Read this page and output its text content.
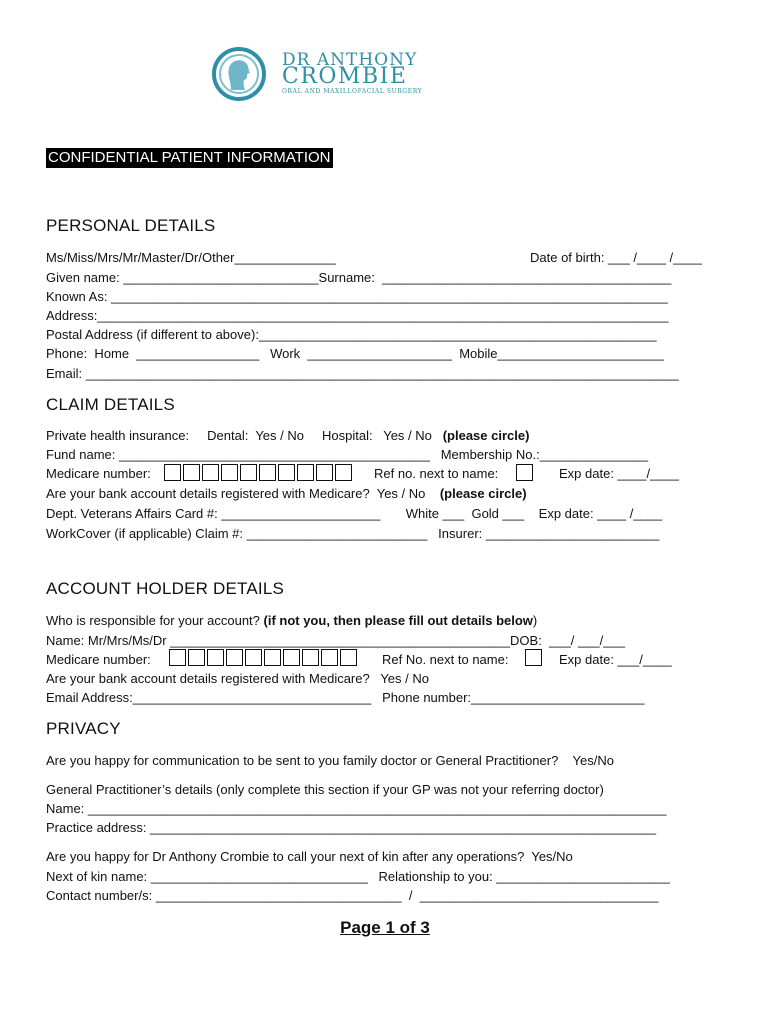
DR ANTHONY
CROMBIE
ORAL AND MAXILLOFACIAL SURGERY
CONFIDENTIAL PATIENT INFORMATION
PERSONAL DETAILS
Ms/Miss/Mrs/Mr/Master/Dr/Other______________	Date of birth: ___ /____ /____
Given name: ___________________________Surname:  ________________________________________
Known As: _____________________________________________________________________________
Address:_______________________________________________________________________________
Postal Address (if different to above):_______________________________________________________
Phone:  Home  _________________   Work  ____________________  Mobile_______________________
Email: __________________________________________________________________________________
CLAIM DETAILS
Private health insurance:     Dental:  Yes / No     Hospital:   Yes / No   (please circle)
Fund name: ___________________________________________   Membership No.:_______________
Medicare number:	Ref no. next to name:	Exp date: ____/____
Are your bank account details registered with Medicare?  Yes / No    (please circle)
Dept. Veterans Affairs Card #: ______________________       White ___  Gold ___    Exp date: ____ /____
WorkCover (if applicable) Claim #: _________________________   Insurer: ________________________
ACCOUNT HOLDER DETAILS
Who is responsible for your account? (if not you, then please fill out details below)
Name: Mr/Mrs/Ms/Dr _______________________________________________DOB:  ___/ ___/___
Medicare number:	Ref No. next to name:	Exp date: ___/____
Are your bank account details registered with Medicare?   Yes / No
Email Address:_________________________________   Phone number:________________________
PRIVACY
Are you happy for communication to be sent to you family doctor or General Practitioner?    Yes/No
General Practitioner’s details (only complete this section if your GP was not your referring doctor)
Name: ________________________________________________________________________________
Practice address: ______________________________________________________________________
Are you happy for Dr Anthony Crombie to call your next of kin after any operations?  Yes/No
Next of kin name: ______________________________   Relationship to you: ________________________
Contact number/s: __________________________________  /  _________________________________
Page 1 of 3
